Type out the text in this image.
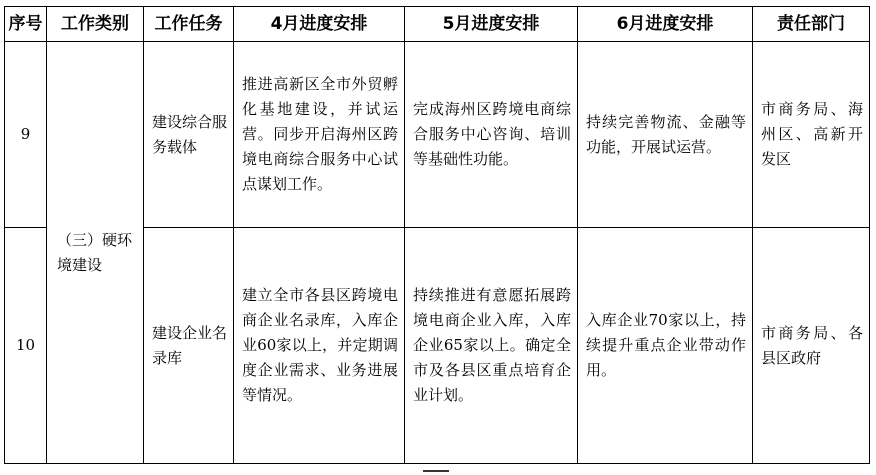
序号	工作类别	工作任务	4月进度安排	5月进度安排	6月进度安排	责任部门
9	（三）硬环境建设	建设综合服务载体	推进高新区全市外贸孵化基地建设，并试运营。同步开启海州区跨境电商综合服务中心试点谋划工作。	完成海州区跨境电商综合服务中心咨询、培训等基础性功能。	持续完善物流、金融等功能，开展试运营。	市商务局、海州区、高新开发区
10		建设企业名录库	建立全市各县区跨境电商企业名录库，入库企业60家以上，并定期调度企业需求、业务进展等情况。	持续推进有意愿拓展跨境电商企业入库，入库企业65家以上。确定全市及各县区重点培育企业计划。	入库企业70家以上，持续提升重点企业带动作用。	市商务局、各县区政府
